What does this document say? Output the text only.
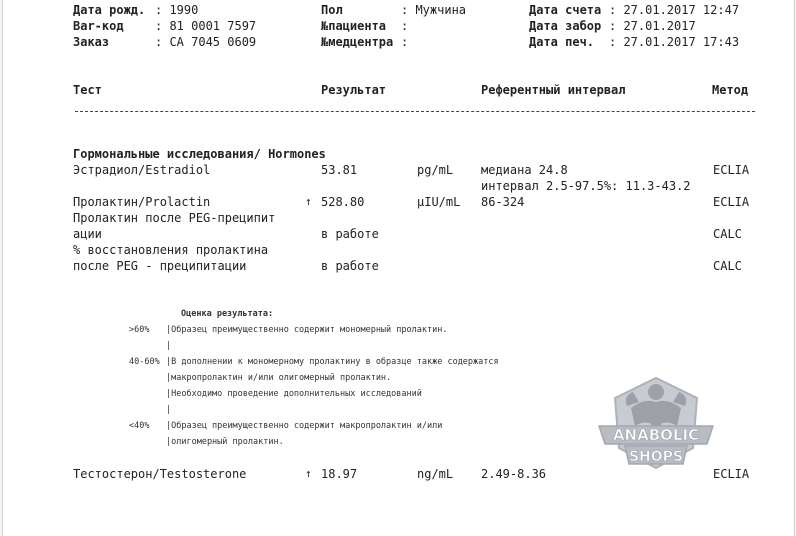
Дата рожд. : 1990
Bar-код	: 81 0001 7597
Заказ	: CA 7045 0609
Пол	: Мужчина
№пациента :
№медцентра :
Дата счета : 27.01.2017 12:47
Дата забор : 27.01.2017
Дата печ. : 27.01.2017 17:43
Тест	Результат	Референтный интервал	Метод
Гормональные исследования/ Hormones
Эстрадиол/Estradiol	53.81	pg/mL медиана 24.8	ECLIA
интервал 2.5-97.5%: 11.3-43.2
Пролактин/Prolactin	↑ 528.80	µIU/mL 86-324	ECLIA
Пролактин после PEG-преципит
ации	в работе	CALC
% восстановления пролактина
после PEG - преципитации	в работе	CALC
Оценка результата:
>60% |Образец преимущественно содержит мономерный пролактин.
|
40-60% |В дополнении к мономерному пролактину в образце также содержатся
|макропролактин и/или олигомерный пролактин.
|Необходимо проведение дополнительных исследований
|
<40% |Образец преимущественно содержит макропролактин и/или
|олигомерный пролактин.
Тестостерон/Testosterone	↑ 18.97	ng/mL 2.49-8.36	ECLIA
ANABOLIC
SHOPS
